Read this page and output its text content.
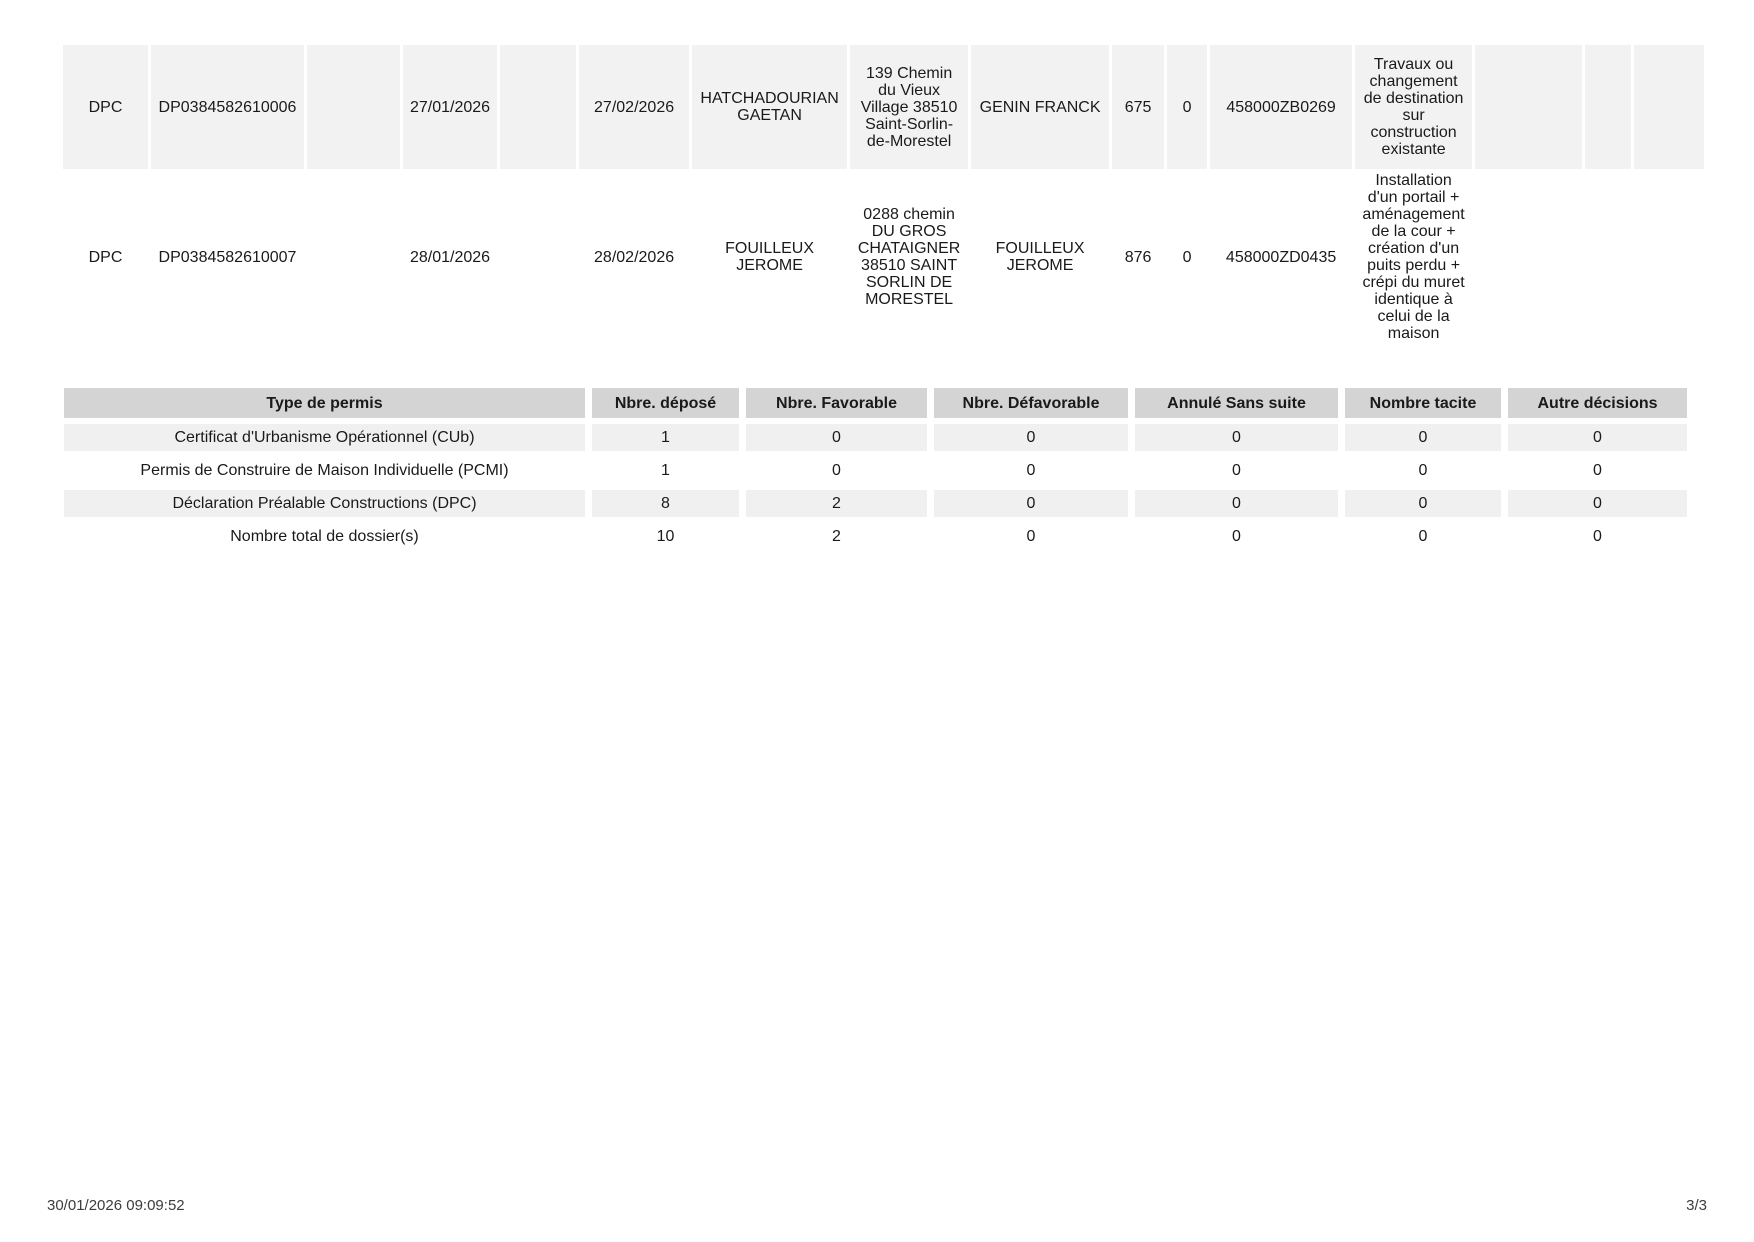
DPC	DP0384582610006		27/01/2026		27/02/2026	HATCHADOURIAN GAETAN	139 Chemin du Vieux Village 38510 Saint-Sorlin-de-Morestel	GENIN FRANCK	675	0	458000ZB0269	Travaux ou changement de destination sur construction existante			
DPC	DP0384582610007		28/01/2026		28/02/2026	FOUILLEUX JEROME	0288 chemin DU GROS CHATAIGNER 38510 SAINT SORLIN DE MORESTEL	FOUILLEUX JEROME	876	0	458000ZD0435	Installation d'un portail + aménagement de la cour + création d'un puits perdu + crépi du muret identique à celui de la maison			
Type de permis	Nbre. déposé	Nbre. Favorable	Nbre. Défavorable	Annulé Sans suite	Nombre tacite	Autre décisions
Certificat d'Urbanisme Opérationnel (CUb)	1	0	0	0	0	0
Permis de Construire de Maison Individuelle (PCMI)	1	0	0	0	0	0
Déclaration Préalable Constructions (DPC)	8	2	0	0	0	0
Nombre total de dossier(s)	10	2	0	0	0	0
30/01/2026 09:09:52	3/3
